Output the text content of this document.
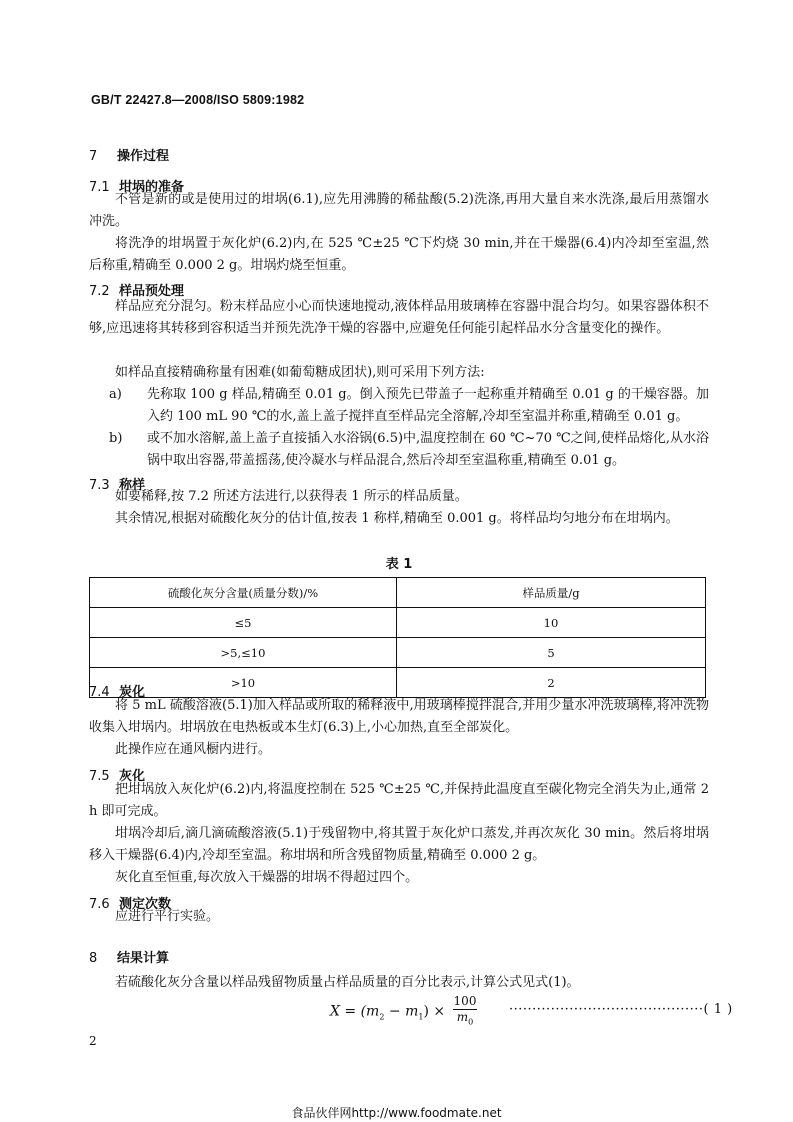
GB/T 22427.8—2008/ISO 5809:1982
7 操作过程
7.1 坩埚的准备
不管是新的或是使用过的坩埚(6.1),应先用沸腾的稀盐酸(5.2)洗涤,再用大量自来水洗涤,最后用蒸馏水冲洗。
将洗净的坩埚置于灰化炉(6.2)内,在 525 ℃±25 ℃下灼烧 30 min,并在干燥器(6.4)内冷却至室温,然后称重,精确至 0.000 2 g。坩埚灼烧至恒重。
7.2 样品预处理
样品应充分混匀。粉末样品应小心而快速地搅动,液体样品用玻璃棒在容器中混合均匀。如果容器体积不够,应迅速将其转移到容积适当并预先洗净干燥的容器中,应避免任何能引起样品水分含量变化的操作。
如样品直接精确称量有困难(如葡萄糖成团状),则可采用下列方法:
a) 先称取 100 g 样品,精确至 0.01 g。倒入预先已带盖子一起称重并精确至 0.01 g 的干燥容器。加入约 100 mL 90 ℃的水,盖上盖子搅拌直至样品完全溶解,冷却至室温并称重,精确至 0.01 g。
b) 或不加水溶解,盖上盖子直接插入水浴锅(6.5)中,温度控制在 60 ℃~70 ℃之间,使样品熔化,从水浴锅中取出容器,带盖摇荡,使冷凝水与样品混合,然后冷却至室温称重,精确至 0.01 g。
7.3 称样
如要稀释,按 7.2 所述方法进行,以获得表 1 所示的样品质量。
其余情况,根据对硫酸化灰分的估计值,按表 1 称样,精确至 0.001 g。将样品均匀地分布在坩埚内。
表 1
硫酸化灰分含量(质量分数)/%	样品质量/g
≤5	10
>5,≤10	5
>10	2
7.4 炭化
将 5 mL 硫酸溶液(5.1)加入样品或所取的稀释液中,用玻璃棒搅拌混合,并用少量水冲洗玻璃棒,将冲洗物收集入坩埚内。坩埚放在电热板或本生灯(6.3)上,小心加热,直至全部炭化。
此操作应在通风橱内进行。
7.5 灰化
把坩埚放入灰化炉(6.2)内,将温度控制在 525 ℃±25 ℃,并保持此温度直至碳化物完全消失为止,通常 2 h 即可完成。
坩埚冷却后,滴几滴硫酸溶液(5.1)于残留物中,将其置于灰化炉口蒸发,并再次灰化 30 min。然后将坩埚移入干燥器(6.4)内,冷却至室温。称坩埚和所含残留物质量,精确至 0.000 2 g。
灰化直至恒重,每次放入干燥器的坩埚不得超过四个。
7.6 测定次数
应进行平行实验。
8 结果计算
若硫酸化灰分含量以样品残留物质量占样品质量的百分比表示,计算公式见式(1)。
$X = (m_2 - m_1) \times \frac{100}{m_0}$ ··········································( 1 )
2
食品伙伴网http://www.foodmate.net
